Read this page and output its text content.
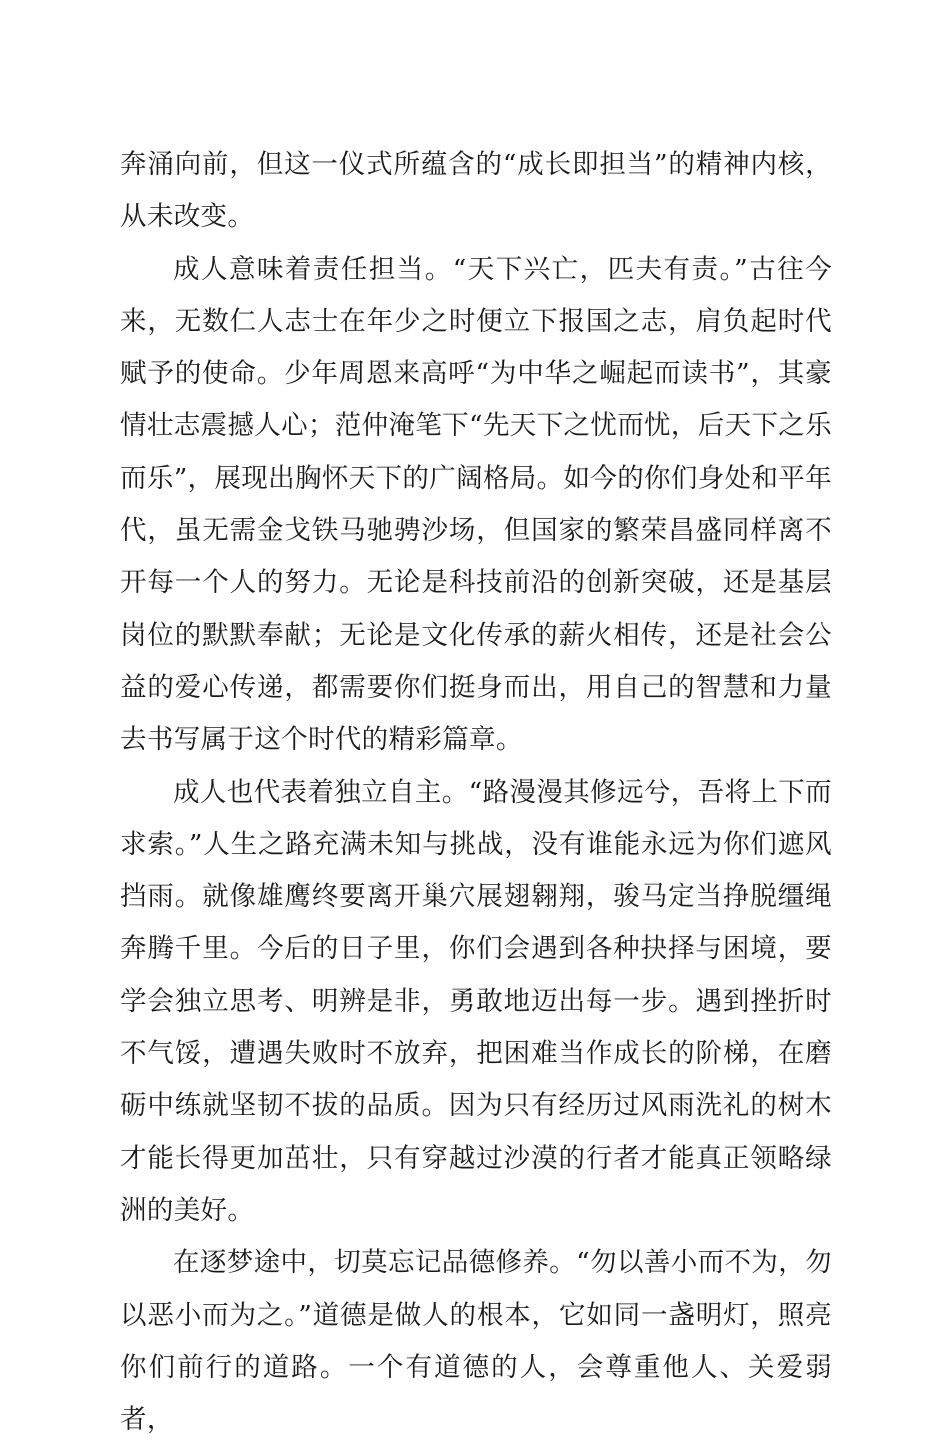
奔涌向前，但这一仪式所蕴含的“成长即担当”的精神内核，从未改变。

成人意味着责任担当。“天下兴亡，匹夫有责。”古往今来，无数仁人志士在年少之时便立下报国之志，肩负起时代赋予的使命。少年周恩来高呼“为中华之崛起而读书”，其豪情壮志震撼人心；范仲淹笔下“先天下之忧而忧，后天下之乐而乐”，展现出胸怀天下的广阔格局。如今的你们身处和平年代，虽无需金戈铁马驰骋沙场，但国家的繁荣昌盛同样离不开每一个人的努力。无论是科技前沿的创新突破，还是基层岗位的默默奉献；无论是文化传承的薪火相传，还是社会公益的爱心传递，都需要你们挺身而出，用自己的智慧和力量去书写属于这个时代的精彩篇章。

成人也代表着独立自主。“路漫漫其修远兮，吾将上下而求索。”人生之路充满未知与挑战，没有谁能永远为你们遮风挡雨。就像雄鹰终要离开巢穴展翅翱翔，骏马定当挣脱缰绳奔腾千里。今后的日子里，你们会遇到各种抉择与困境，要学会独立思考、明辨是非，勇敢地迈出每一步。遇到挫折时不气馁，遭遇失败时不放弃，把困难当作成长的阶梯，在磨砺中练就坚韧不拔的品质。因为只有经历过风雨洗礼的树木才能长得更加茁壮，只有穿越过沙漠的行者才能真正领略绿洲的美好。

在逐梦途中，切莫忘记品德修养。“勿以善小而不为，勿以恶小而为之。”道德是做人的根本，它如同一盏明灯，照亮你们前行的道路。一个有道德的人，会尊重他人、关爱弱者，
